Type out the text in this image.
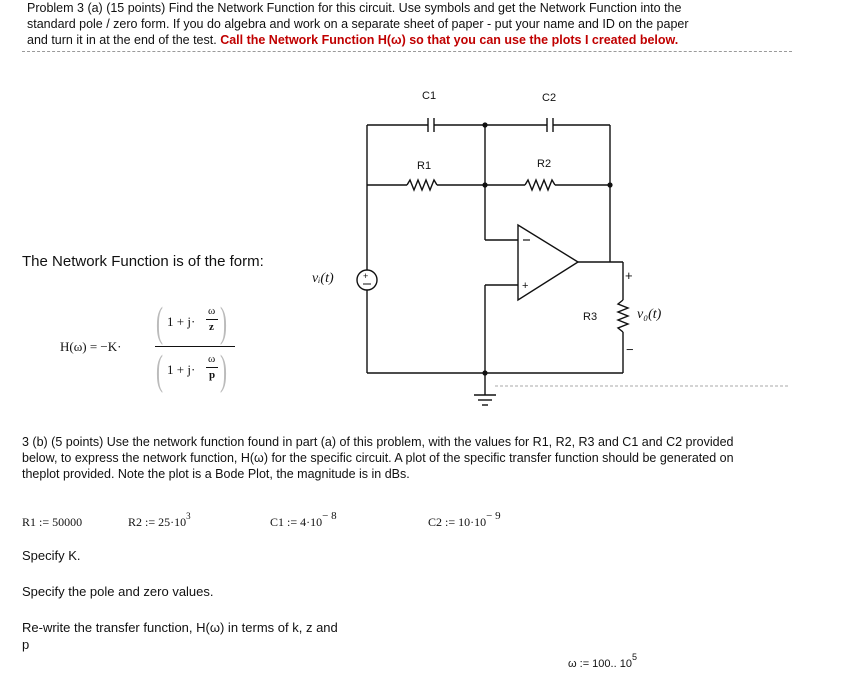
Problem 3 (a) (15 points) Find the Network Function for this circuit. Use symbols and get the Network Function into the
standard pole / zero form. If you do algebra and work on a separate sheet of paper - put your name and ID on the paper
and turn it in at the end of the test. Call the Network Function H(ω) so that you can use the plots I created below.
The Network Function is of the form:
H(ω) = −K·
( 1 + j·
ω
z )
( 1 + j·
ω
p )
+
+
C1	C2
R1	R2
R3
vᵢ(t)
v₀(t)
+
−
3 (b) (5 points) Use the network function found in part (a) of this problem, with the values for R1, R2, R3 and C1 and C2 provided
below, to express the network function, H(ω) for the specific circuit. A plot of the specific transfer function should be generated on
theplot provided. Note the plot is a Bode Plot, the magnitude is in dBs.
R1 := 50000	R2 := $25\cdot 10^3$	C1 := 4·10− 8	C2 := 10·10− 9
Specify K.
Specify the pole and zero values.
Re-write the transfer function, H(ω) in terms of k, z and
p
ω := 100.. $10^5$
